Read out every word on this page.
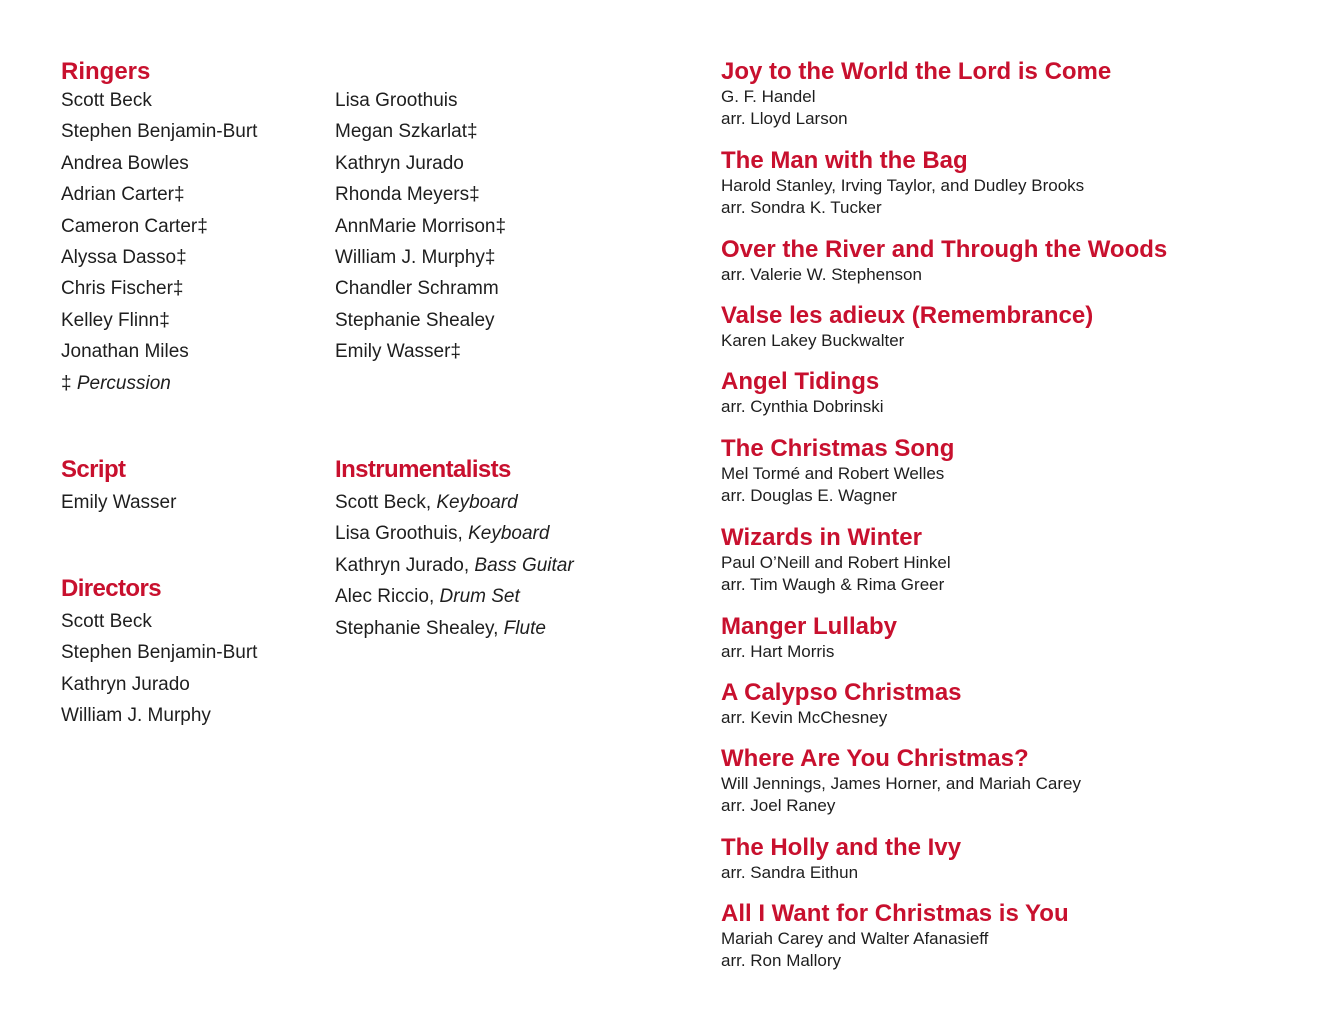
Ringers
Scott Beck
Stephen Benjamin-Burt
Andrea Bowles
Adrian Carter‡
Cameron Carter‡
Alyssa Dasso‡
Chris Fischer‡
Kelley Flinn‡
Jonathan Miles
‡ Percussion
Lisa Groothuis
Megan Szkarlat‡
Kathryn Jurado
Rhonda Meyers‡
AnnMarie Morrison‡
William J. Murphy‡
Chandler Schramm
Stephanie Shealey
Emily Wasser‡
Script
Emily Wasser
Instrumentalists
Scott Beck, Keyboard
Lisa Groothuis, Keyboard
Kathryn Jurado, Bass Guitar
Alec Riccio, Drum Set
Stephanie Shealey, Flute
Directors
Scott Beck
Stephen Benjamin-Burt
Kathryn Jurado
William J. Murphy
Joy to the World the Lord is Come
G. F. Handel
arr. Lloyd Larson
The Man with the Bag
Harold Stanley, Irving Taylor, and Dudley Brooks
arr. Sondra K. Tucker
Over the River and Through the Woods
arr. Valerie W. Stephenson
Valse les adieux (Remembrance)
Karen Lakey Buckwalter
Angel Tidings
arr. Cynthia Dobrinski
The Christmas Song
Mel Tormé and Robert Welles
arr. Douglas E. Wagner
Wizards in Winter
Paul O’Neill and Robert Hinkel
arr. Tim Waugh & Rima Greer
Manger Lullaby
arr. Hart Morris
A Calypso Christmas
arr. Kevin McChesney
Where Are You Christmas?
Will Jennings, James Horner, and Mariah Carey
arr. Joel Raney
The Holly and the Ivy
arr. Sandra Eithun
All I Want for Christmas is You
Mariah Carey and Walter Afanasieff
arr. Ron Mallory
